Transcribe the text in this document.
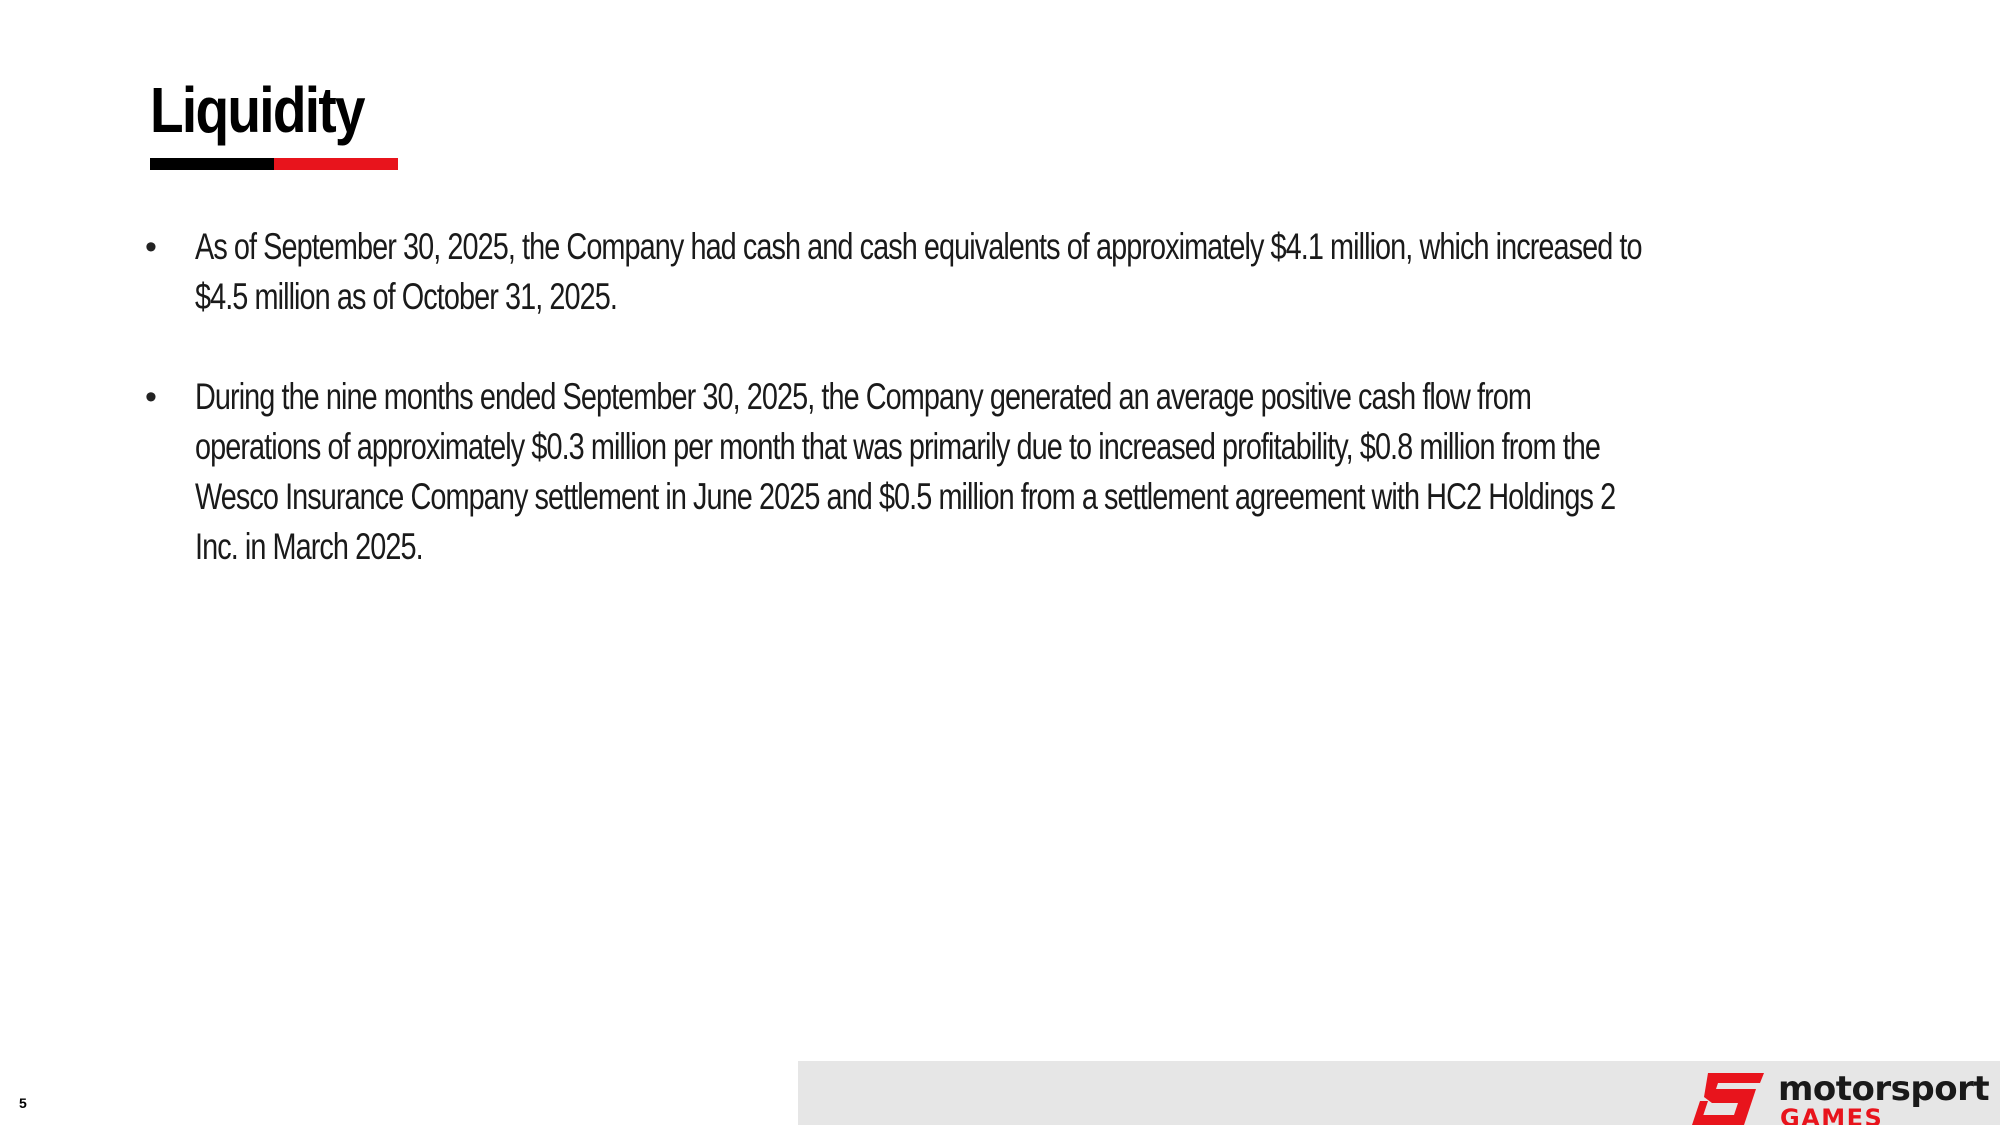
Liquidity
• As of September 30, 2025, the Company had cash and cash equivalents of approximately $4.1 million, which increased to $4.5 million as of October 31, 2025.
• During the nine months ended September 30, 2025, the Company generated an average positive cash flow from operations of approximately $0.3 million per month that was primarily due to increased profitability, $0.8 million from the Wesco Insurance Company settlement in June 2025 and $0.5 million from a settlement agreement with HC2 Holdings 2 Inc. in March 2025.
5	motorsport
GAMES
